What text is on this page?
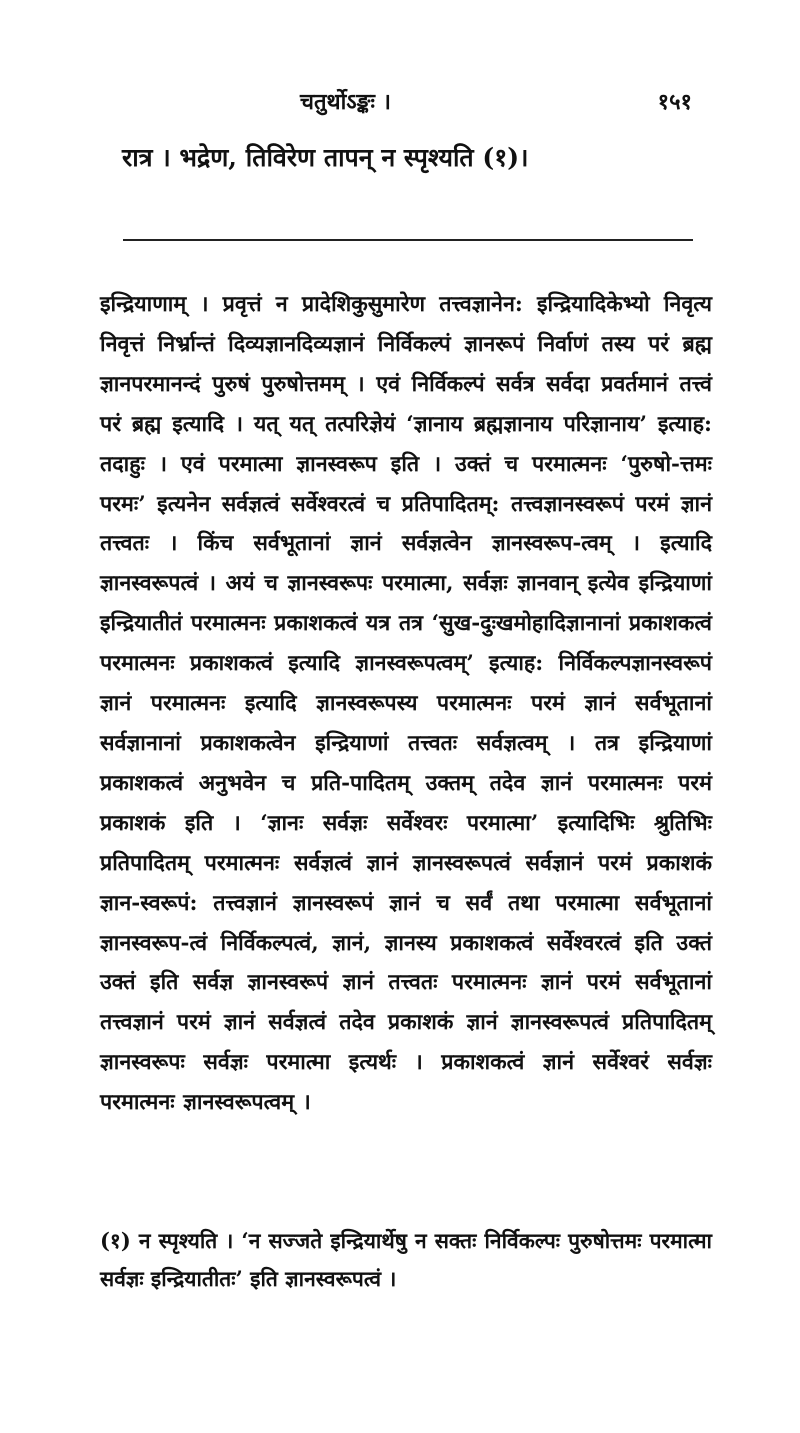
चतुर्थोऽङ्कः ।	१५१
रात्र । भद्रेण, तिविरेण तापन् न स्पृश्यति (१)।

इन्द्रियाणाम् । प्रवृत्तं न प्रादेशिकुसुमारेण तत्त्वज्ञानेन: इन्द्रियादिकेभ्यो निवृत्य निवृत्तं निर्भ्रान्तं दिव्यज्ञानदिव्यज्ञानं निर्विकल्पं ज्ञानरूपं निर्वाणं तस्य परं ब्रह्म ज्ञानपरमानन्दं पुरुषं पुरुषोत्तमम् । एवं निर्विकल्पं सर्वत्र सर्वदा प्रवर्तमानं तत्त्वं परं ब्रह्म इत्यादि । यत् यत् तत्परिज्ञेयं ‘ज्ञानाय ब्रह्मज्ञानाय परिज्ञानाय’ इत्याह: तदाहुः । एवं परमात्मा ज्ञानस्वरूप इति । उक्तं च परमात्मनः ‘पुरुषो-त्तमः परमः’ इत्यनेन सर्वज्ञत्वं सर्वेश्वरत्वं च प्रतिपादितम्: तत्त्वज्ञानस्वरूपं परमं ज्ञानं तत्त्वतः । किंच सर्वभूतानां ज्ञानं सर्वज्ञत्वेन ज्ञानस्वरूप-त्वम् । इत्यादि ज्ञानस्वरूपत्वं । अयं च ज्ञानस्वरूपः परमात्मा, सर्वज्ञः ज्ञानवान् इत्येव इन्द्रियाणां इन्द्रियातीतं परमात्मनः प्रकाशकत्वं यत्र तत्र ‘सुख-दुःखमोहादिज्ञानानां प्रकाशकत्वं परमात्मनः प्रकाशकत्वं इत्यादि ज्ञानस्वरूपत्वम्’ इत्याह: निर्विकल्पज्ञानस्वरूपं ज्ञानं परमात्मनः इत्यादि ज्ञानस्वरूपस्य परमात्मनः परमं ज्ञानं सर्वभूतानां सर्वज्ञानानां प्रकाशकत्वेन इन्द्रियाणां तत्त्वतः सर्वज्ञत्वम् । तत्र इन्द्रियाणां प्रकाशकत्वं अनुभवेन च प्रति-पादितम् उक्तम् तदेव ज्ञानं परमात्मनः परमं प्रकाशकं इति । ‘ज्ञानः सर्वज्ञः सर्वेश्वरः परमात्मा’ इत्यादिभिः श्रुतिभिः प्रतिपादितम् परमात्मनः सर्वज्ञत्वं ज्ञानं ज्ञानस्वरूपत्वं सर्वज्ञानं परमं प्रकाशकं ज्ञान-स्वरूपं: तत्त्वज्ञानं ज्ञानस्वरूपं ज्ञानं च सर्वं तथा परमात्मा सर्वभूतानां ज्ञानस्वरूप-त्वं निर्विकल्पत्वं, ज्ञानं, ज्ञानस्य प्रकाशकत्वं सर्वेश्वरत्वं इति उक्तं उक्तं इति सर्वज्ञ ज्ञानस्वरूपं ज्ञानं तत्त्वतः परमात्मनः ज्ञानं परमं सर्वभूतानां तत्त्वज्ञानं परमं ज्ञानं सर्वज्ञत्वं तदेव प्रकाशकं ज्ञानं ज्ञानस्वरूपत्वं प्रतिपादितम् ज्ञानस्वरूपः सर्वज्ञः परमात्मा इत्यर्थः । प्रकाशकत्वं ज्ञानं सर्वेश्वरं सर्वज्ञः परमात्मनः ज्ञानस्वरूपत्वम् ।

(१) न स्पृश्यति । ‘न सज्जते इन्द्रियार्थेषु न सक्तः निर्विकल्पः पुरुषोत्तमः परमात्मा सर्वज्ञः इन्द्रियातीतः’ इति ज्ञानस्वरूपत्वं ।
